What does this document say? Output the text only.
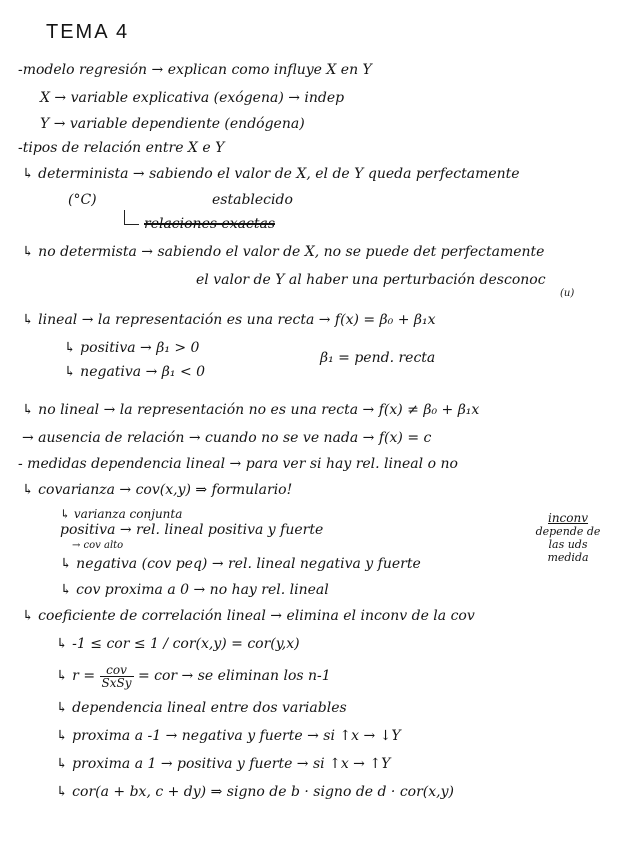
TEMA 4
-modelo regresión → explican como influye X en Y
X → variable explicativa (exógena) → indep
Y → variable dependiente (endógena)
-tipos de relación entre X e Y
↳ determinista → sabiendo el valor de X, el de Y queda perfectamente
(°C)	establecido
relaciones exactas
↳ no determista → sabiendo el valor de X, no se puede det perfectamente
el valor de Y al haber una perturbación desconoc
(u)
↳ lineal → la representación es una recta → f(x) = β₀ + β₁x
↳ positiva → β₁ > 0
β₁ = pend. recta
↳ negativa → β₁ < 0
↳ no lineal → la representación no es una recta → f(x) ≠ β₀ + β₁x
→ ausencia de relación → cuando no se ve nada → f(x) = c
- medidas dependencia lineal → para ver si hay rel. lineal o no
↳ covarianza → cov(x,y) ⇒ formulario!
↳ varianza conjunta
positiva → rel. lineal positiva y fuerte
→ cov alto
↳ negativa (cov peq) → rel. lineal negativa y fuerte
↳ cov proxima a 0 → no hay rel. lineal
inconv
depende de
las uds
medida
↳ coeficiente de correlación lineal → elimina el inconv de la cov
↳ -1 ≤ cor ≤ 1 / cor(x,y) = cor(y,x)
↳ $r = \frac{\text{cov}}{\text{SxSy}}$ = cor → se eliminan los n-1
↳ dependencia lineal entre dos variables
↳ proxima a -1 → negativa y fuerte → si ↑x → ↓Y
↳ proxima a 1 → positiva y fuerte → si ↑x → ↑Y
↳ cor(a + bx, c + dy) ⇒ signo de b · signo de d · cor(x,y)
